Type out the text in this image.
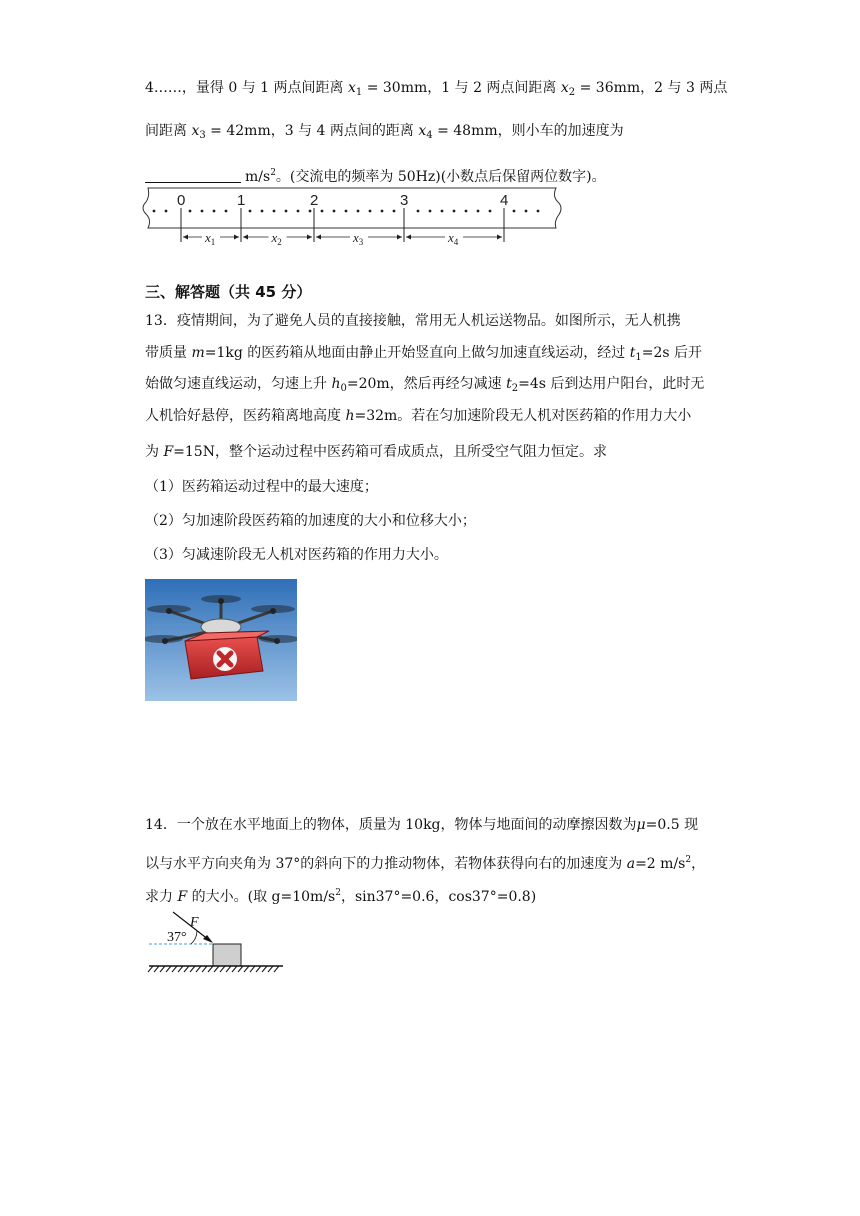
4……，量得 0 与 1 两点间距离 $x_1 = 30mm$，1 与 2 两点间距离 $x_2 = 36mm$，2 与 3 两点
间距离 $x_3 = 42mm$，3 与 4 两点间的距离 $x_4 = 48mm$，则小车的加速度为
$m/s^2$。(交流电的频率为 50Hz)(小数点后保留两位数字)。
0	1	2	3	4
$x_1$	$x_2$	$x_3$	$x_4$
三、解答题（共 45 分）
13．疫情期间，为了避免人员的直接接触，常用无人机运送物品。如图所示，无人机携
带质量 m=1kg 的医药箱从地面由静止开始竖直向上做匀加速直线运动，经过 $t_1=2s$ 后开
始做匀速直线运动，匀速上升 $h_0=20m$，然后再经匀减速 $t_2=4s$ 后到达用户阳台，此时无
人机恰好悬停，医药箱离地高度 h=32m。若在匀加速阶段无人机对医药箱的作用力大小
为 F=15N，整个运动过程中医药箱可看成质点，且所受空气阻力恒定。求
（1）医药箱运动过程中的最大速度；
（2）匀加速阶段医药箱的加速度的大小和位移大小；
（3）匀减速阶段无人机对医药箱的作用力大小。
14．一个放在水平地面上的物体，质量为 10kg，物体与地面间的动摩擦因数为μ=0.5 现
以与水平方向夹角为 37°的斜向下的力推动物体，若物体获得向右的加速度为 a=2 $m/s^2$，
求力 F 的大小。(取 $g=10m/s^2$，sin37°=0.6，cos37°=0.8)
F
37°
